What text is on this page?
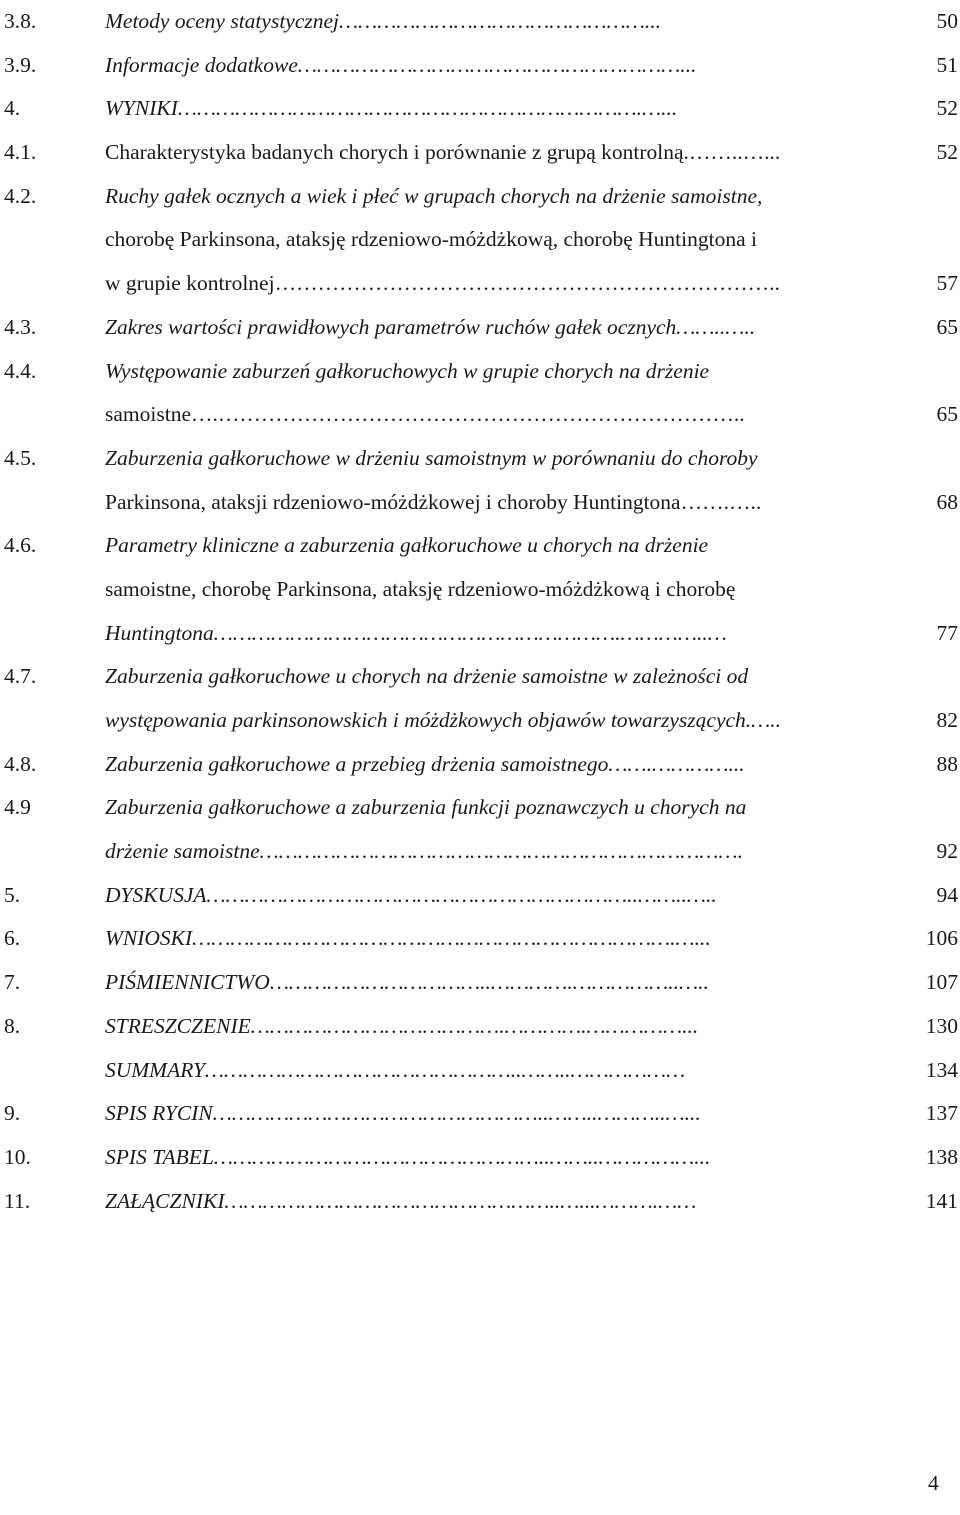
3.8.	Metody oceny statystycznej…………………………………………...	50
3.9.	Informacje dodatkowe……………………………………………………...	51
4.	WYNIKI……………………………………………………………….…...	52
4.1.	Charakterystyka badanych chorych i porównanie z grupą kontrolną.……..…...	52
4.2.	Ruchy gałek ocznych a wiek i płeć w grupach chorych na drżenie samoistne,
chorobę Parkinsona, ataksję rdzeniowo-móżdżkową, chorobę Huntingtona i
w grupie kontrolnej……………………………………………………………..	57
4.3.	Zakres wartości prawidłowych parametrów ruchów gałek ocznych……..…..	65
4.4.	Występowanie zaburzeń gałkoruchowych w grupie chorych na drżenie
samoistne….………………………………………………………………..	65
4.5.	Zaburzenia gałkoruchowe w drżeniu samoistnym w porównaniu do choroby
Parkinsona, ataksji rdzeniowo-móżdżkowej i choroby Huntingtona…….…..	68
4.6.	Parametry kliniczne a zaburzenia gałkoruchowe u chorych na drżenie
samoistne, chorobę Parkinsona, ataksję rdzeniowo-móżdżkową i chorobę
Huntingtona……………………………………………………….…………..…	77
4.7.	Zaburzenia gałkoruchowe u chorych na drżenie samoistne w zależności od
występowania parkinsonowskich i móżdżkowych objawów towarzyszących.…..	82
4.8.	Zaburzenia gałkoruchowe a przebieg drżenia samoistnego…….…………...	88
4.9	Zaburzenia gałkoruchowe a zaburzenia funkcji poznawczych u chorych na
drżenie samoistne………………………………………………………………….	92
5.	DYSKUSJA…………………………………………………………..……..…..	94
6.	WNIOSKI………………………………………………………………….…...	106
7.	PIŚMIENNICTWO……………………………..………….……………..…..	107
8.	STRESZCZENIE………………………………….………….……………...	130
SUMMARY…………………………………………..……..………………	134
9.	SPIS RYCIN……………………………………………..……..………..…...	137
10.	SPIS TABEL……………………………………………..……..……………...	138
11.	ZAŁĄCZNIKI……………………………………………..…...……….……	141
4
